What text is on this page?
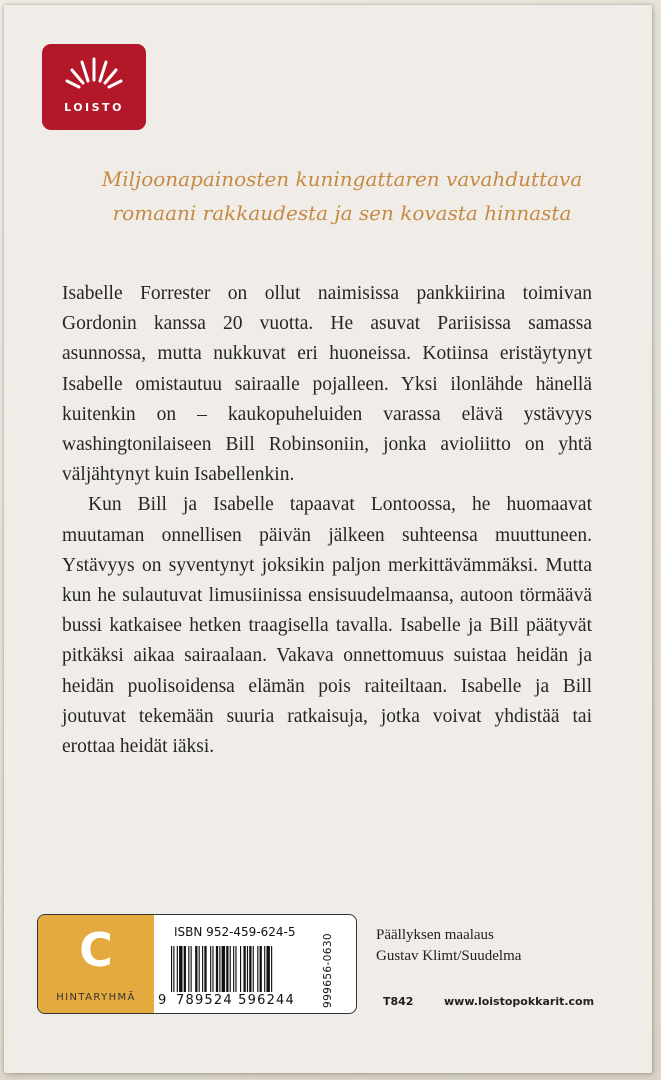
LOISTO
Miljoonapainosten kuningattaren vavahduttava romaani rakkaudesta ja sen kovasta hinnasta

Isabelle Forrester on ollut naimisissa pankkiirina toimivan Gordonin kanssa 20 vuotta. He asuvat Pariisissa samassa asunnossa, mutta nukkuvat eri huoneissa. Kotiinsa eristäytynyt Isabelle omistautuu sairaalle pojalleen. Yksi ilonlähde hänellä kuitenkin on – kaukopuheluiden varassa elävä ystävyys washingtonilaiseen Bill Robinsoniin, jonka avioliitto on yhtä väljähtynyt kuin Isabellenkin.

Kun Bill ja Isabelle tapaavat Lontoossa, he huomaavat muutaman onnellisen päivän jälkeen suhteensa muuttuneen. Ystävyys on syventynyt joksikin paljon merkittävämmäksi. Mutta kun he sulautuvat limusiinissa ensisuudelmaansa, autoon törmäävä bussi katkaisee hetken traagisella tavalla. Isabelle ja Bill päätyvät pitkäksi aikaa sairaalaan. Vakava onnettomuus suistaa heidän ja heidän puolisoidensa elämän pois raiteiltaan. Isabelle ja Bill joutuvat tekemään suuria ratkaisuja, jotka voivat yhdistää tai erottaa heidät iäksi.

C
HINTARYHMÄ
ISBN 952-459-624-5
9 789524 596244	999656-0630	Päällyksen maalaus
Gustav Klimt/Suudelma
T842	www.loistopokkarit.com
